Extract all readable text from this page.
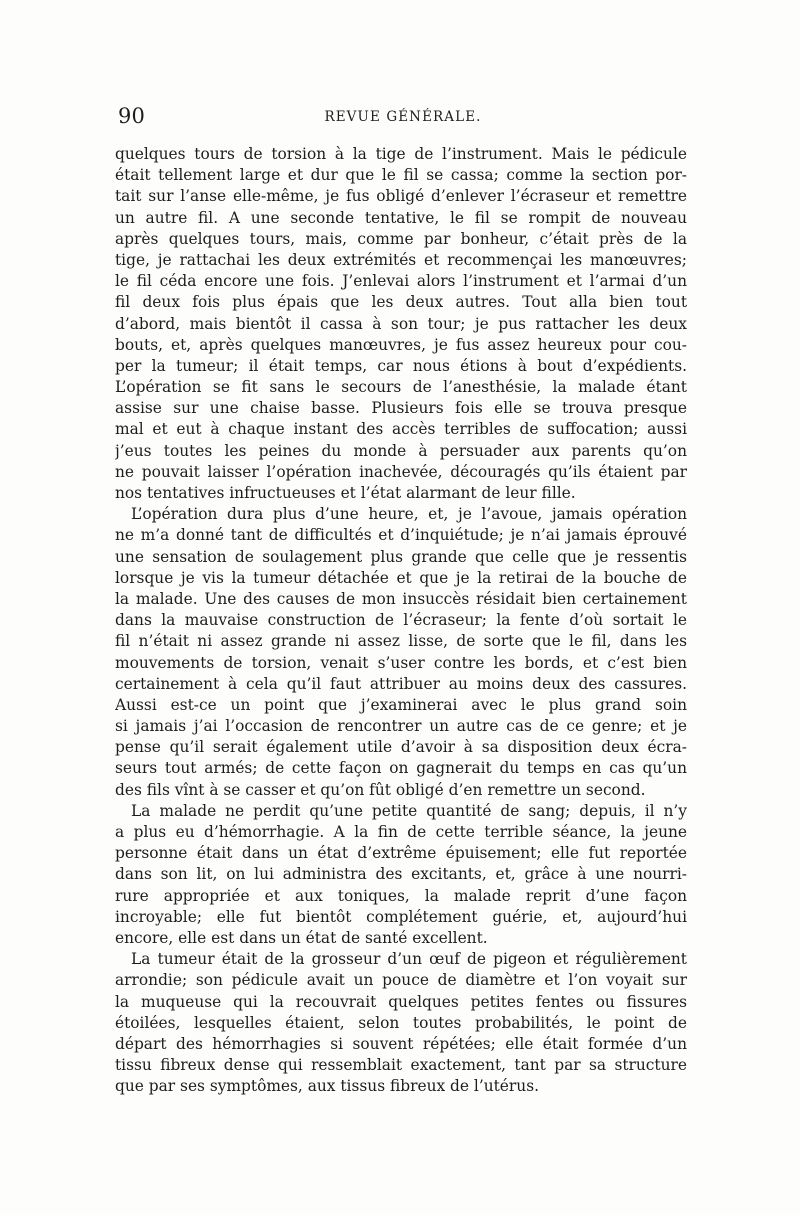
90	REVUE GÉNÉRALE.
quelques tours de torsion à la tige de l’instrument. Mais le pédicule
était tellement large et dur que le fil se cassa; comme la section por-
tait sur l’anse elle-même, je fus obligé d’enlever l’écraseur et remettre
un autre fil. A une seconde tentative, le fil se rompit de nouveau
après quelques tours, mais, comme par bonheur, c’était près de la
tige, je rattachai les deux extrémités et recommençai les manœuvres;
le fil céda encore une fois. J’enlevai alors l’instrument et l’armai d’un
fil deux fois plus épais que les deux autres. Tout alla bien tout
d’abord, mais bientôt il cassa à son tour; je pus rattacher les deux
bouts, et, après quelques manœuvres, je fus assez heureux pour cou-
per la tumeur; il était temps, car nous étions à bout d’expédients.
L’opération se fit sans le secours de l’anesthésie, la malade étant
assise sur une chaise basse. Plusieurs fois elle se trouva presque
mal et eut à chaque instant des accès terribles de suffocation; aussi
j’eus toutes les peines du monde à persuader aux parents qu’on
ne pouvait laisser l’opération inachevée, découragés qu’ils étaient par
nos tentatives infructueuses et l’état alarmant de leur fille.
L’opération dura plus d’une heure, et, je l’avoue, jamais opération
ne m’a donné tant de difficultés et d’inquiétude; je n’ai jamais éprouvé
une sensation de soulagement plus grande que celle que je ressentis
lorsque je vis la tumeur détachée et que je la retirai de la bouche de
la malade. Une des causes de mon insuccès résidait bien certainement
dans la mauvaise construction de l’écraseur; la fente d’où sortait le
fil n’était ni assez grande ni assez lisse, de sorte que le fil, dans les
mouvements de torsion, venait s’user contre les bords, et c’est bien
certainement à cela qu’il faut attribuer au moins deux des cassures.
Aussi est-ce un point que j’examinerai avec le plus grand soin
si jamais j’ai l’occasion de rencontrer un autre cas de ce genre; et je
pense qu’il serait également utile d’avoir à sa disposition deux écra-
seurs tout armés; de cette façon on gagnerait du temps en cas qu’un
des fils vînt à se casser et qu’on fût obligé d’en remettre un second.
La malade ne perdit qu’une petite quantité de sang; depuis, il n’y
a plus eu d’hémorrhagie. A la fin de cette terrible séance, la jeune
personne était dans un état d’extrême épuisement; elle fut reportée
dans son lit, on lui administra des excitants, et, grâce à une nourri-
rure appropriée et aux toniques, la malade reprit d’une façon
incroyable; elle fut bientôt complétement guérie, et, aujourd’hui
encore, elle est dans un état de santé excellent.
La tumeur était de la grosseur d’un œuf de pigeon et régulièrement
arrondie; son pédicule avait un pouce de diamètre et l’on voyait sur
la muqueuse qui la recouvrait quelques petites fentes ou fissures
étoilées, lesquelles étaient, selon toutes probabilités, le point de
départ des hémorrhagies si souvent répétées; elle était formée d’un
tissu fibreux dense qui ressemblait exactement, tant par sa structure
que par ses symptômes, aux tissus fibreux de l’utérus.
